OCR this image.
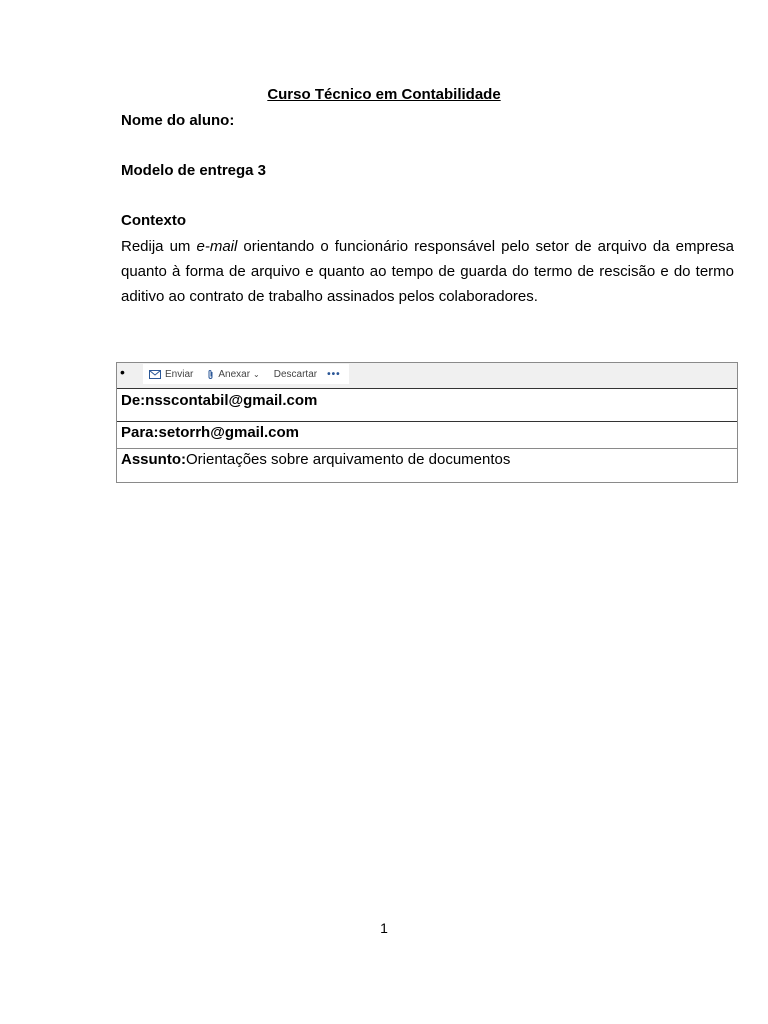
Curso Técnico em Contabilidade
Nome do aluno:
Modelo de entrega 3
Contexto
Redija um e-mail orientando o funcionário responsável pelo setor de arquivo da empresa quanto à forma de arquivo e quanto ao tempo de guarda do termo de rescisão e do termo aditivo ao contrato de trabalho assinados pelos colaboradores.
•	Enviar	Anexar ⌄ Descartar •••
De:nsscontabil@gmail.com
Para:setorrh@gmail.com
Assunto:Orientações sobre arquivamento de documentos
1
